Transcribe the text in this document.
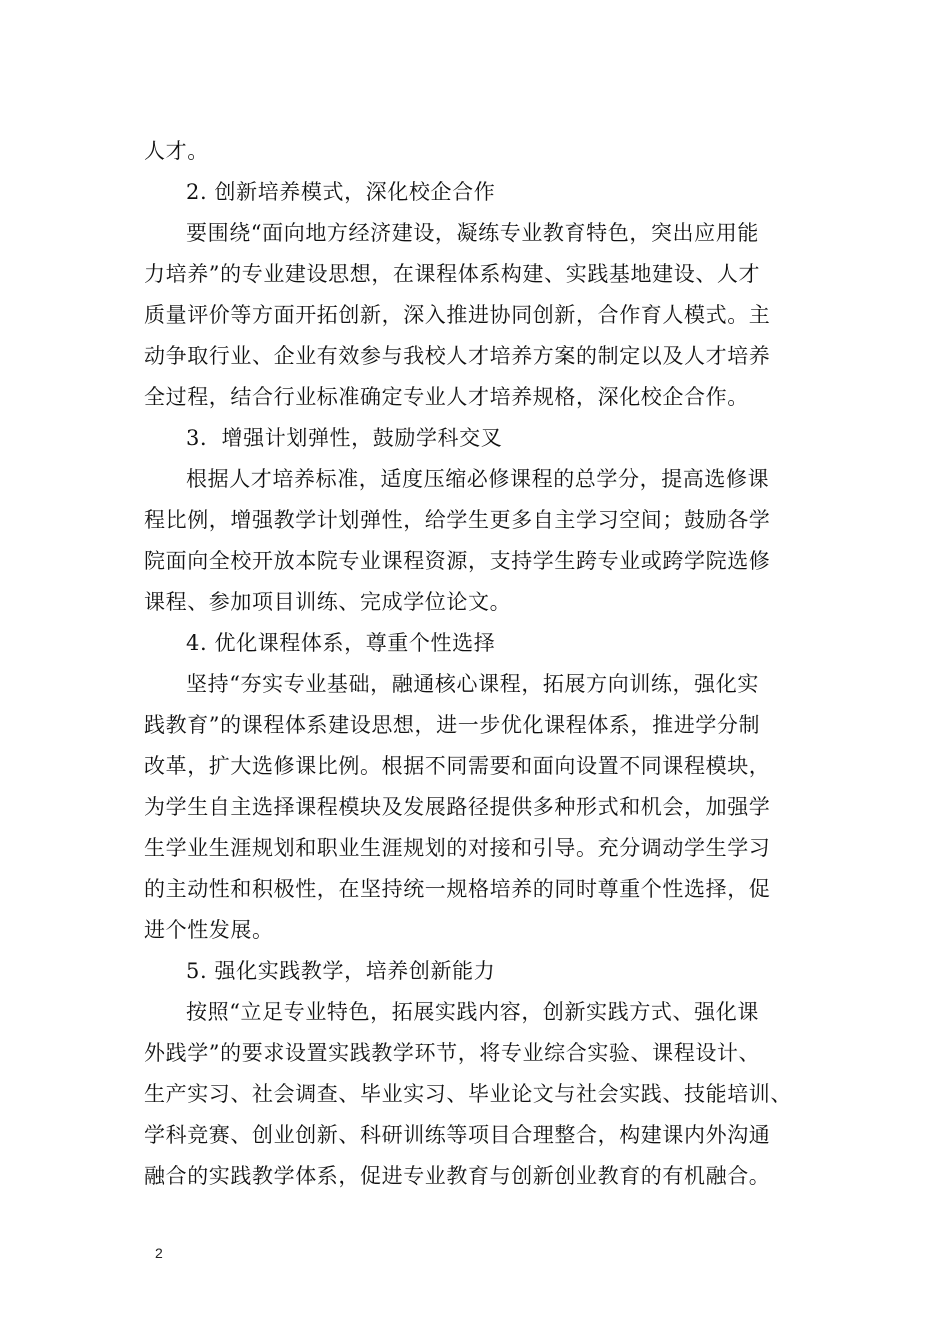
人才。
2. 创新培养模式，深化校企合作
要围绕“面向地方经济建设，凝练专业教育特色，突出应用能
力培养”的专业建设思想，在课程体系构建、实践基地建设、人才
质量评价等方面开拓创新，深入推进协同创新，合作育人模式。主
动争取行业、企业有效参与我校人才培养方案的制定以及人才培养
全过程，结合行业标准确定专业人才培养规格，深化校企合作。
3．增强计划弹性，鼓励学科交叉
根据人才培养标准，适度压缩必修课程的总学分，提高选修课
程比例，增强教学计划弹性，给学生更多自主学习空间；鼓励各学
院面向全校开放本院专业课程资源，支持学生跨专业或跨学院选修
课程、参加项目训练、完成学位论文。
4. 优化课程体系，尊重个性选择
坚持“夯实专业基础，融通核心课程，拓展方向训练，强化实
践教育”的课程体系建设思想，进一步优化课程体系，推进学分制
改革，扩大选修课比例。根据不同需要和面向设置不同课程模块，
为学生自主选择课程模块及发展路径提供多种形式和机会，加强学
生学业生涯规划和职业生涯规划的对接和引导。充分调动学生学习
的主动性和积极性，在坚持统一规格培养的同时尊重个性选择，促
进个性发展。
5. 强化实践教学，培养创新能力
按照“立足专业特色，拓展实践内容，创新实践方式、强化课
外践学”的要求设置实践教学环节，将专业综合实验、课程设计、
生产实习、社会调查、毕业实习、毕业论文与社会实践、技能培训、
学科竞赛、创业创新、科研训练等项目合理整合，构建课内外沟通
融合的实践教学体系，促进专业教育与创新创业教育的有机融合。
2
